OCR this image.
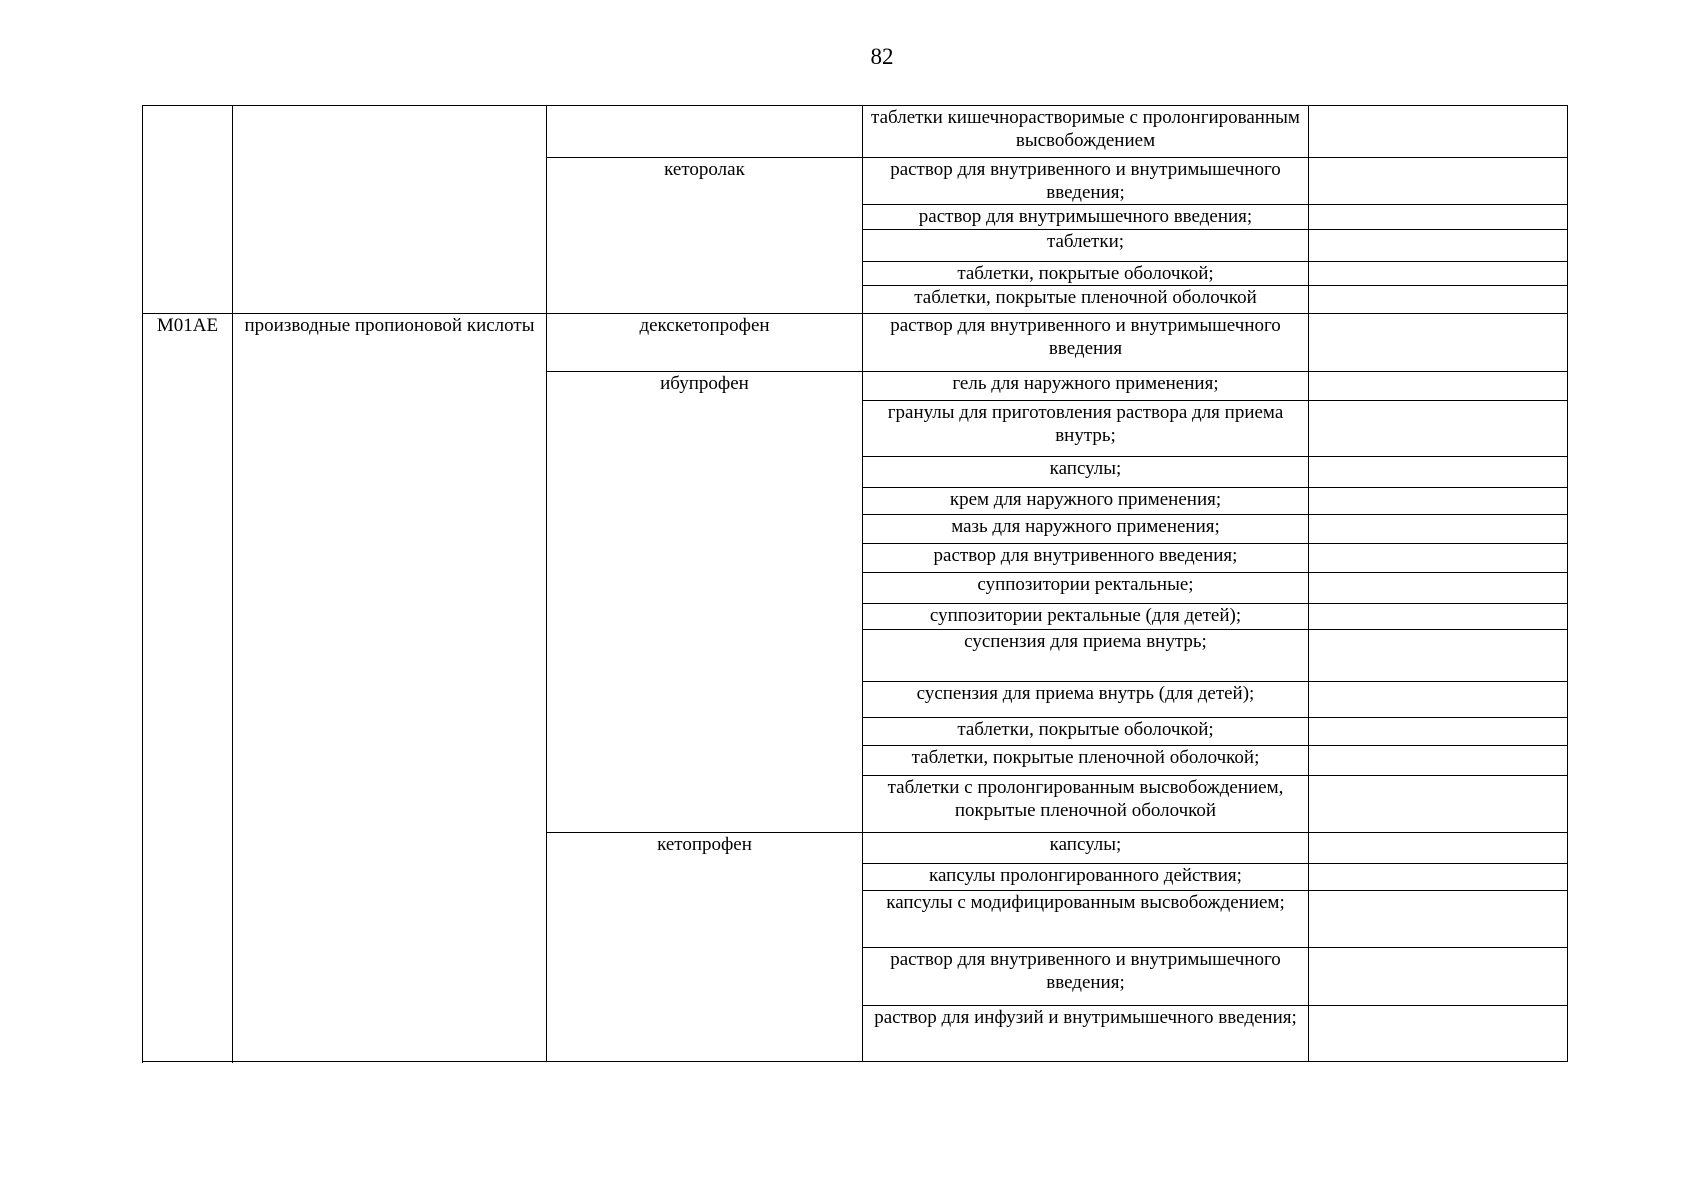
82
			таблетки кишечнорастворимые с пролонгированным высвобождением	
		кеторолак	раствор для внутривенного и внутримышечного введения;	
			раствор для внутримышечного введения;	
			таблетки;	
			таблетки, покрытые оболочкой;	
			таблетки, покрытые пленочной оболочкой	

M01AE	производные пропионовой кислоты	декскетопрофен	раствор для внутривенного и внутримышечного введения	
		ибупрофен	гель для наружного применения;	
			гранулы для приготовления раствора для приема внутрь;	
			капсулы;	
			крем для наружного применения;	
			мазь для наружного применения;	
			раствор для внутривенного введения;	
			суппозитории ректальные;	
			суппозитории ректальные (для детей);	
			суспензия для приема внутрь;	
			суспензия для приема внутрь (для детей);	
			таблетки, покрытые оболочкой;	
			таблетки, покрытые пленочной оболочкой;	
			таблетки с пролонгированным высвобождением, покрытые пленочной оболочкой	
		кетопрофен	капсулы;	
			капсулы пролонгированного действия;	
			капсулы с модифицированным высвобождением;	
			раствор для внутривенного и внутримышечного введения;	
			раствор для инфузий и внутримышечного введения;	
